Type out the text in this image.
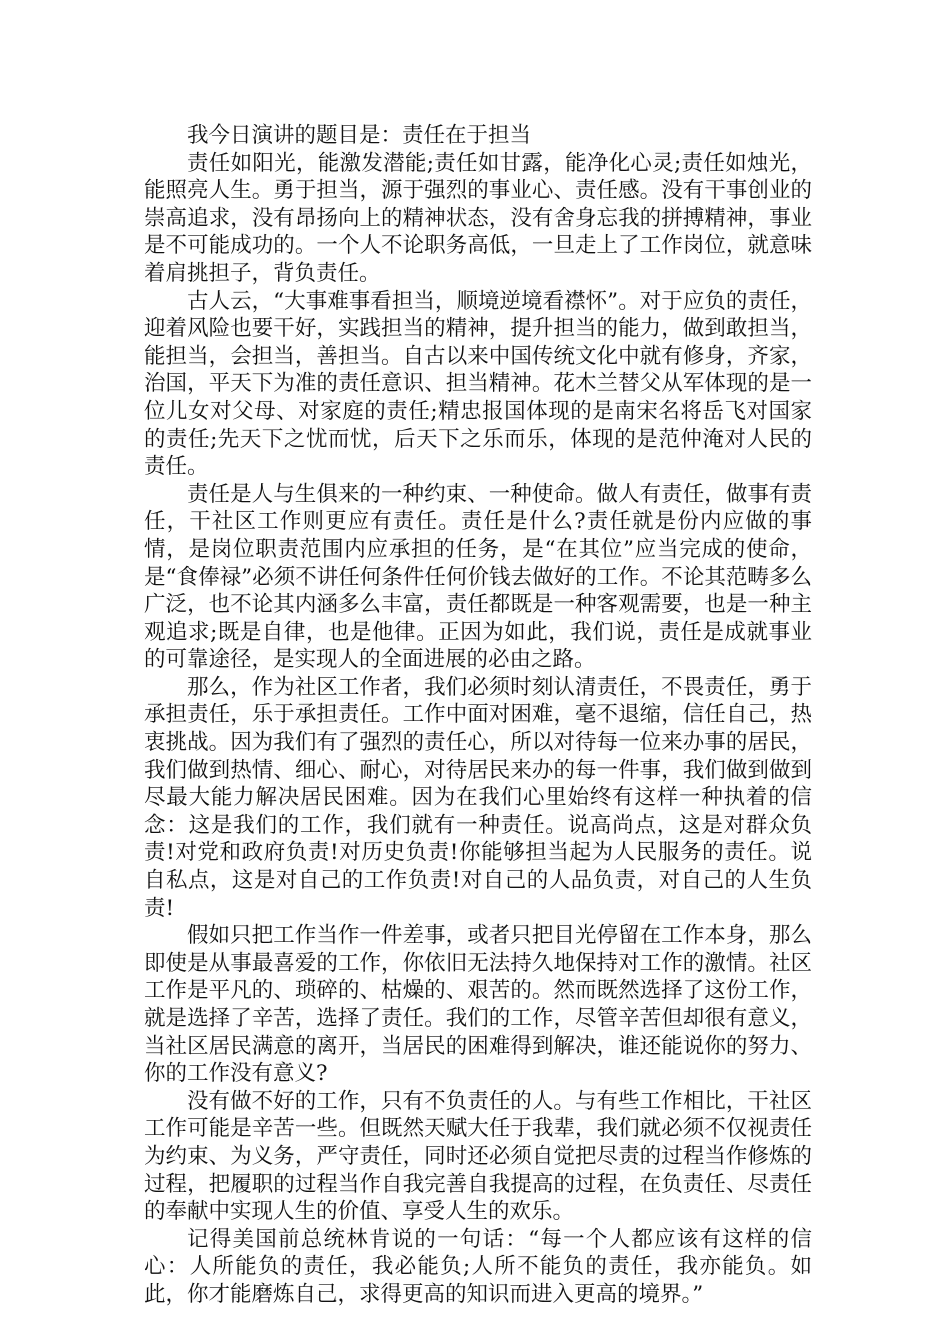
我今日演讲的题目是：责任在于担当

责任如阳光，能激发潜能;责任如甘露，能净化心灵;责任如烛光，能照亮人生。勇于担当，源于强烈的事业心、责任感。没有干事创业的崇高追求，没有昂扬向上的精神状态，没有舍身忘我的拼搏精神，事业是不可能成功的。一个人不论职务高低，一旦走上了工作岗位，就意味着肩挑担子，背负责任。

古人云，“大事难事看担当，顺境逆境看襟怀”。对于应负的责任，迎着风险也要干好，实践担当的精神，提升担当的能力，做到敢担当，能担当，会担当，善担当。自古以来中国传统文化中就有修身，齐家，治国，平天下为准的责任意识、担当精神。花木兰替父从军体现的是一位儿女对父母、对家庭的责任;精忠报国体现的是南宋名将岳飞对国家的责任;先天下之忧而忧，后天下之乐而乐，体现的是范仲淹对人民的责任。

责任是人与生俱来的一种约束、一种使命。做人有责任，做事有责任，干社区工作则更应有责任。责任是什么?责任就是份内应做的事情，是岗位职责范围内应承担的任务，是“在其位”应当完成的使命，是“食俸禄”必须不讲任何条件任何价钱去做好的工作。不论其范畴多么广泛，也不论其内涵多么丰富，责任都既是一种客观需要，也是一种主观追求;既是自律，也是他律。正因为如此，我们说，责任是成就事业的可靠途径，是实现人的全面进展的必由之路。

那么，作为社区工作者，我们必须时刻认清责任，不畏责任，勇于承担责任，乐于承担责任。工作中面对困难，毫不退缩，信任自己，热衷挑战。因为我们有了强烈的责任心，所以对待每一位来办事的居民，我们做到热情、细心、耐心，对待居民来办的每一件事，我们做到做到尽最大能力解决居民困难。因为在我们心里始终有这样一种执着的信念：这是我们的工作，我们就有一种责任。说高尚点，这是对群众负责!对党和政府负责!对历史负责!你能够担当起为人民服务的责任。说自私点，这是对自己的工作负责!对自己的人品负责，对自己的人生负责!

假如只把工作当作一件差事，或者只把目光停留在工作本身，那么即使是从事最喜爱的工作，你依旧无法持久地保持对工作的激情。社区工作是平凡的、琐碎的、枯燥的、艰苦的。然而既然选择了这份工作，就是选择了辛苦，选择了责任。我们的工作，尽管辛苦但却很有意义，当社区居民满意的离开，当居民的困难得到解决，谁还能说你的努力、你的工作没有意义?

没有做不好的工作，只有不负责任的人。与有些工作相比，干社区工作可能是辛苦一些。但既然天赋大任于我辈，我们就必须不仅视责任为约束、为义务，严守责任，同时还必须自觉把尽责的过程当作修炼的过程，把履职的过程当作自我完善自我提高的过程，在负责任、尽责任的奉献中实现人生的价值、享受人生的欢乐。

记得美国前总统林肯说的一句话：“每一个人都应该有这样的信心：人所能负的责任，我必能负;人所不能负的责任，我亦能负。如此，你才能磨炼自己，求得更高的知识而进入更高的境界。”
